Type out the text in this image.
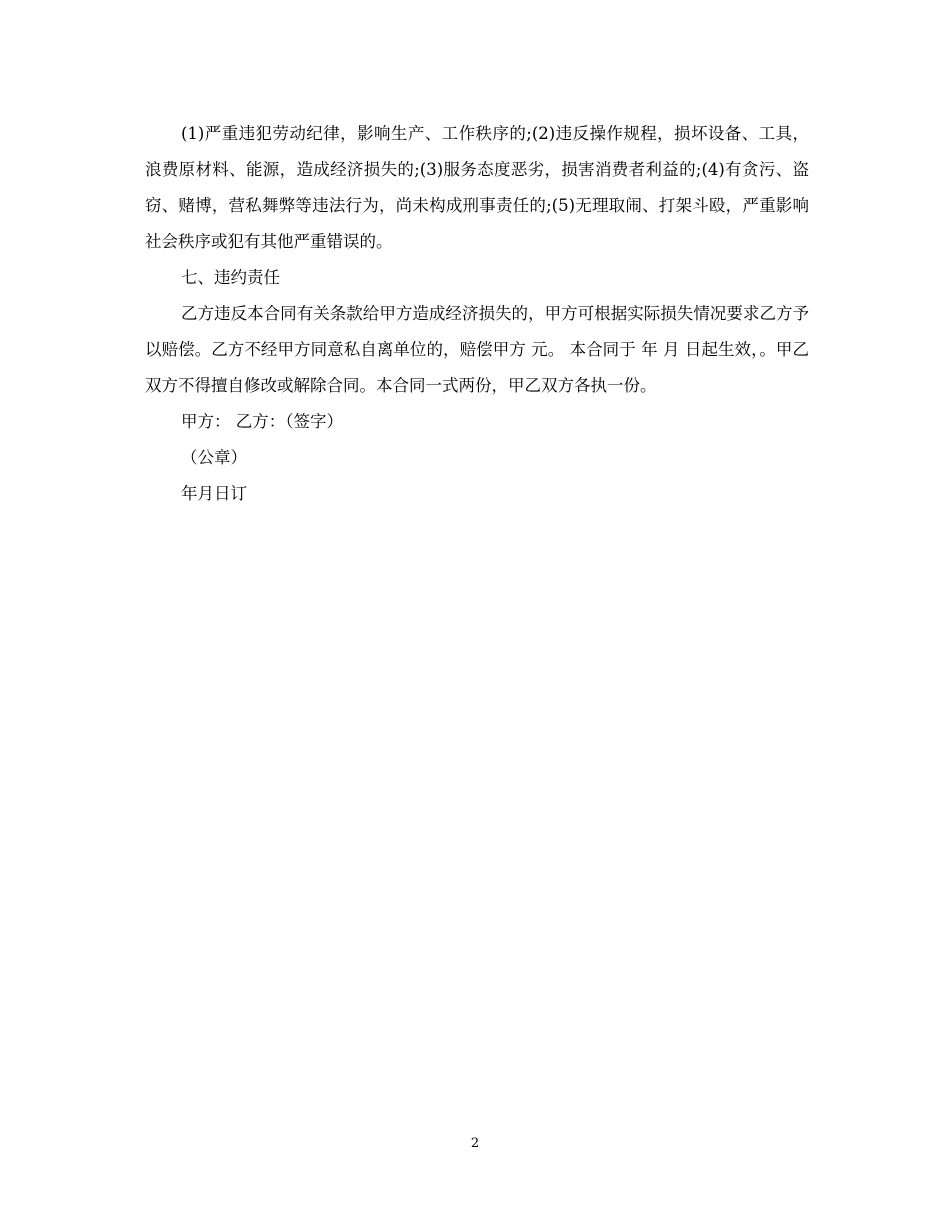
(1)严重违犯劳动纪律，影响生产、工作秩序的;(2)违反操作规程，损坏设备、工具，浪费原材料、能源，造成经济损失的;(3)服务态度恶劣，损害消费者利益的;(4)有贪污、盗窃、赌博，营私舞弊等违法行为，尚未构成刑事责任的;(5)无理取闹、打架斗殴，严重影响社会秩序或犯有其他严重错误的。

七、违约责任

乙方违反本合同有关条款给甲方造成经济损失的，甲方可根据实际损失情况要求乙方予以赔偿。乙方不经甲方同意私自离单位的，赔偿甲方 元。 本合同于 年 月 日起生效，。甲乙双方不得擅自修改或解除合同。本合同一式两份，甲乙双方各执一份。

甲方： 乙方：（签字）

（公章）

年月日订

2
